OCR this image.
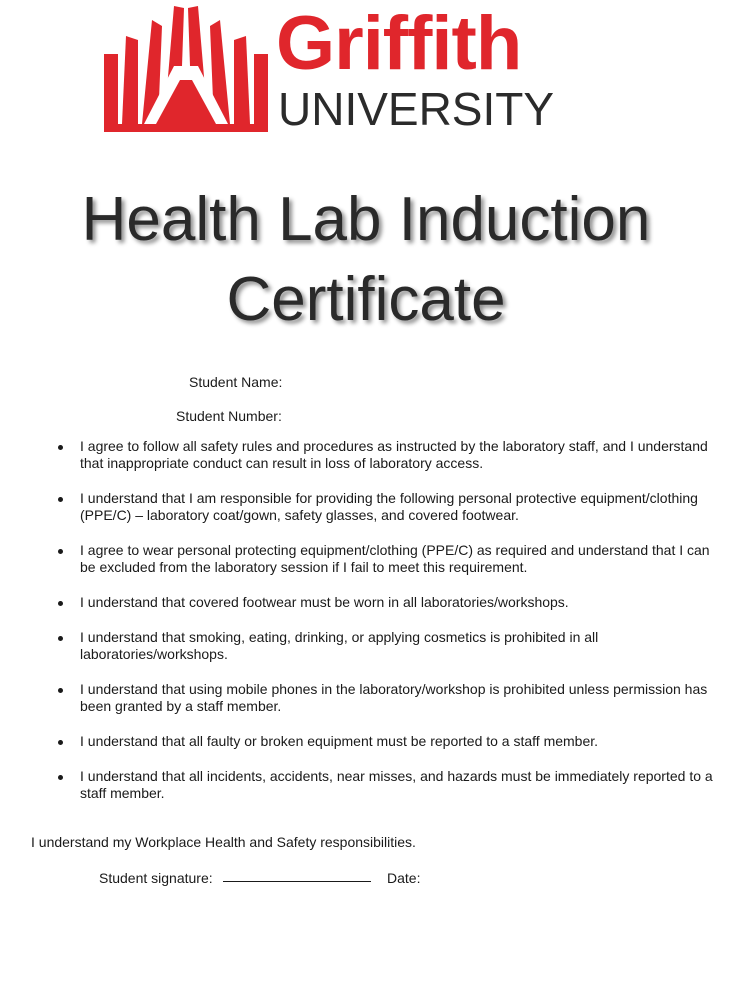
Griffith
UNIVERSITY
Health Lab Induction
Certificate
Student Name:
Student Number:
I agree to follow all safety rules and procedures as instructed by the laboratory staff, and I understand that inappropriate conduct can result in loss of laboratory access.
I understand that I am responsible for providing the following personal protective equipment/clothing (PPE/C) – laboratory coat/gown, safety glasses, and covered footwear.
I agree to wear personal protecting equipment/clothing (PPE/C) as required and understand that I can be excluded from the laboratory session if I fail to meet this requirement.
I understand that covered footwear must be worn in all laboratories/workshops.
I understand that smoking, eating, drinking, or applying cosmetics is prohibited in all laboratories/workshops.
I understand that using mobile phones in the laboratory/workshop is prohibited unless permission has been granted by a staff member.
I understand that all faulty or broken equipment must be reported to a staff member.
I understand that all incidents, accidents, near misses, and hazards must be immediately reported to a staff member.
I understand my Workplace Health and Safety responsibilities.
Student signature:	Date:
